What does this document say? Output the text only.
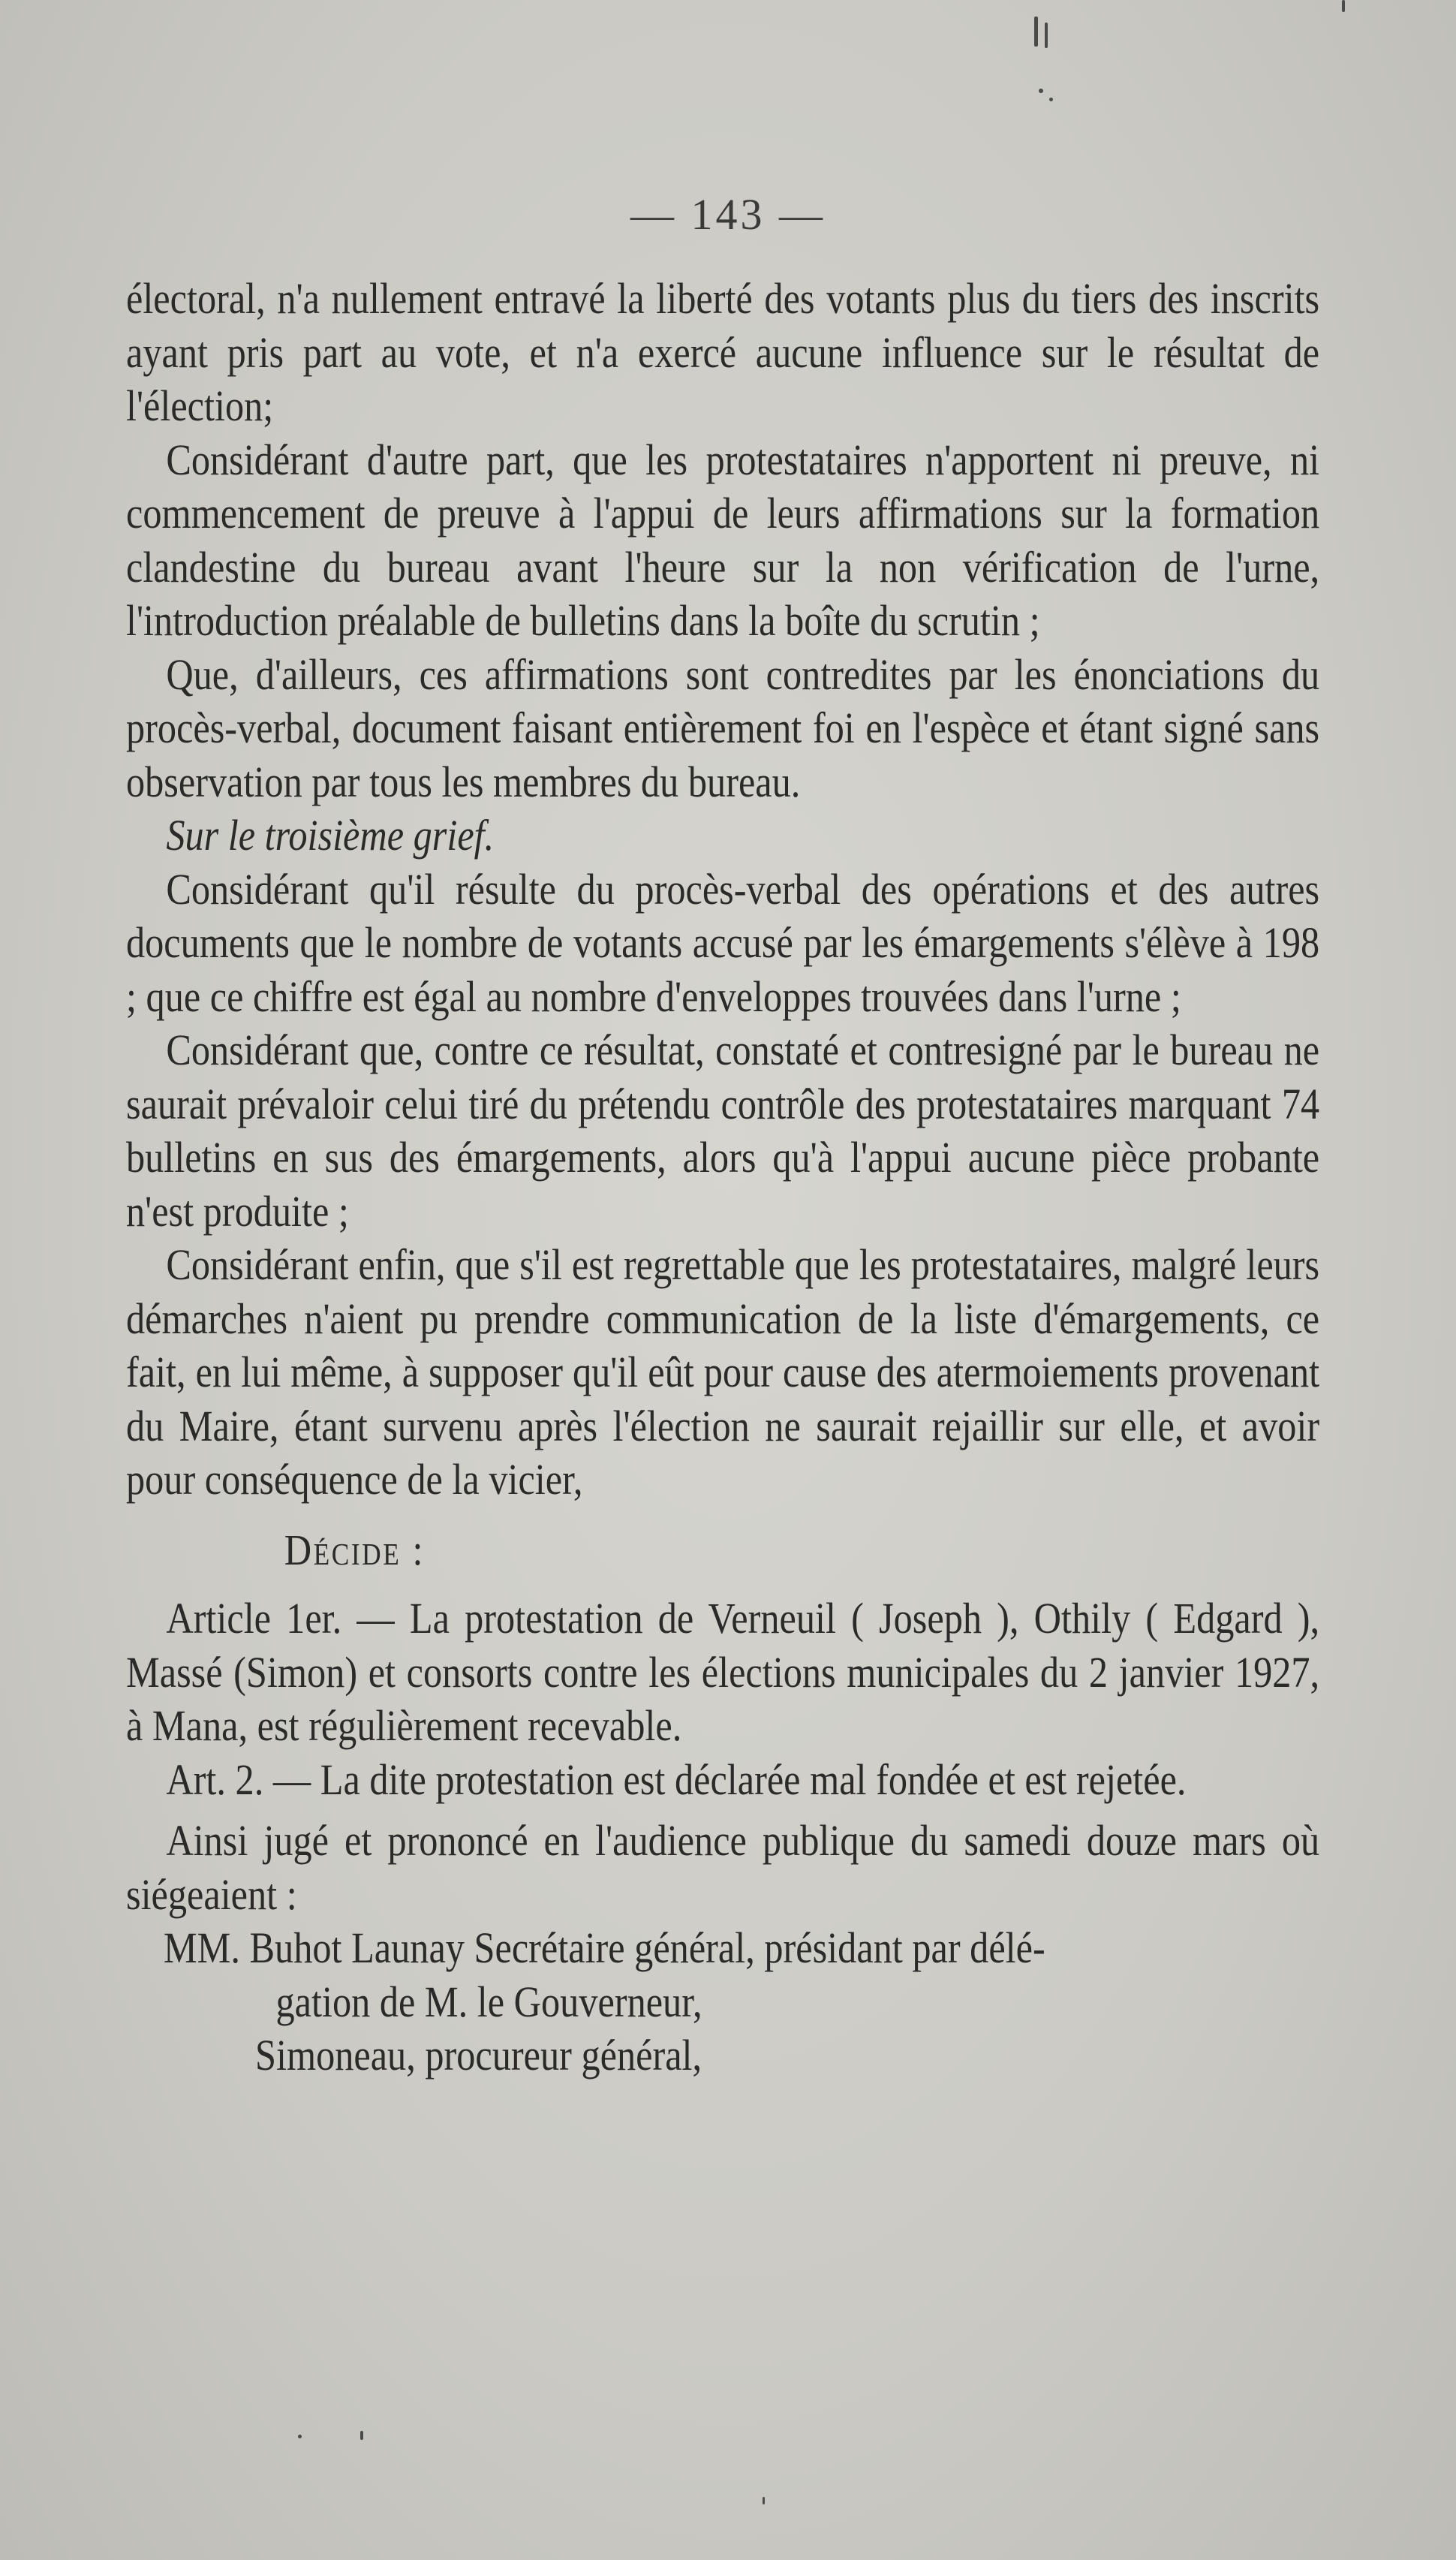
— 143 —

électoral, n'a nullement entravé la liberté des votants plus du tiers des inscrits ayant pris part au vote, et n'a exercé aucune influence sur le résultat de l'élection;

Considérant d'autre part, que les protestataires n'apportent ni preuve, ni commencement de preuve à l'appui de leurs affirmations sur la formation clandestine du bureau avant l'heure sur la non vérification de l'urne, l'introduction préalable de bulletins dans la boîte du scrutin ;

Que, d'ailleurs, ces affirmations sont contredites par les énonciations du procès-verbal, document faisant entièrement foi en l'espèce et étant signé sans observation par tous les membres du bureau.

Sur le troisième grief.

Considérant qu'il résulte du procès-verbal des opérations et des autres documents que le nombre de votants accusé par les émargements s'élève à 198 ; que ce chiffre est égal au nombre d'enveloppes trouvées dans l'urne ;

Considérant que, contre ce résultat, constaté et contresigné par le bureau ne saurait prévaloir celui tiré du prétendu contrôle des protestataires marquant 74 bulletins en sus des émargements, alors qu'à l'appui aucune pièce probante n'est produite ;

Considérant enfin, que s'il est regrettable que les protestataires, malgré leurs démarches n'aient pu prendre communication de la liste d'émargements, ce fait, en lui même, à supposer qu'il eût pour cause des atermoiements provenant du Maire, étant survenu après l'élection ne saurait rejaillir sur elle, et avoir pour conséquence de la vicier,

Décide :

Article 1er. — La protestation de Verneuil ( Joseph ), Othily ( Edgard ), Massé (Simon) et consorts contre les élections municipales du 2 janvier 1927, à Mana, est régulièrement recevable.

Art. 2. — La dite protestation est déclarée mal fondée et est rejetée.

Ainsi jugé et prononcé en l'audience publique du samedi douze mars où siégeaient :

MM. Buhot Launay Secrétaire général, présidant par délé-

gation de M. le Gouverneur,

Simoneau, procureur général,
